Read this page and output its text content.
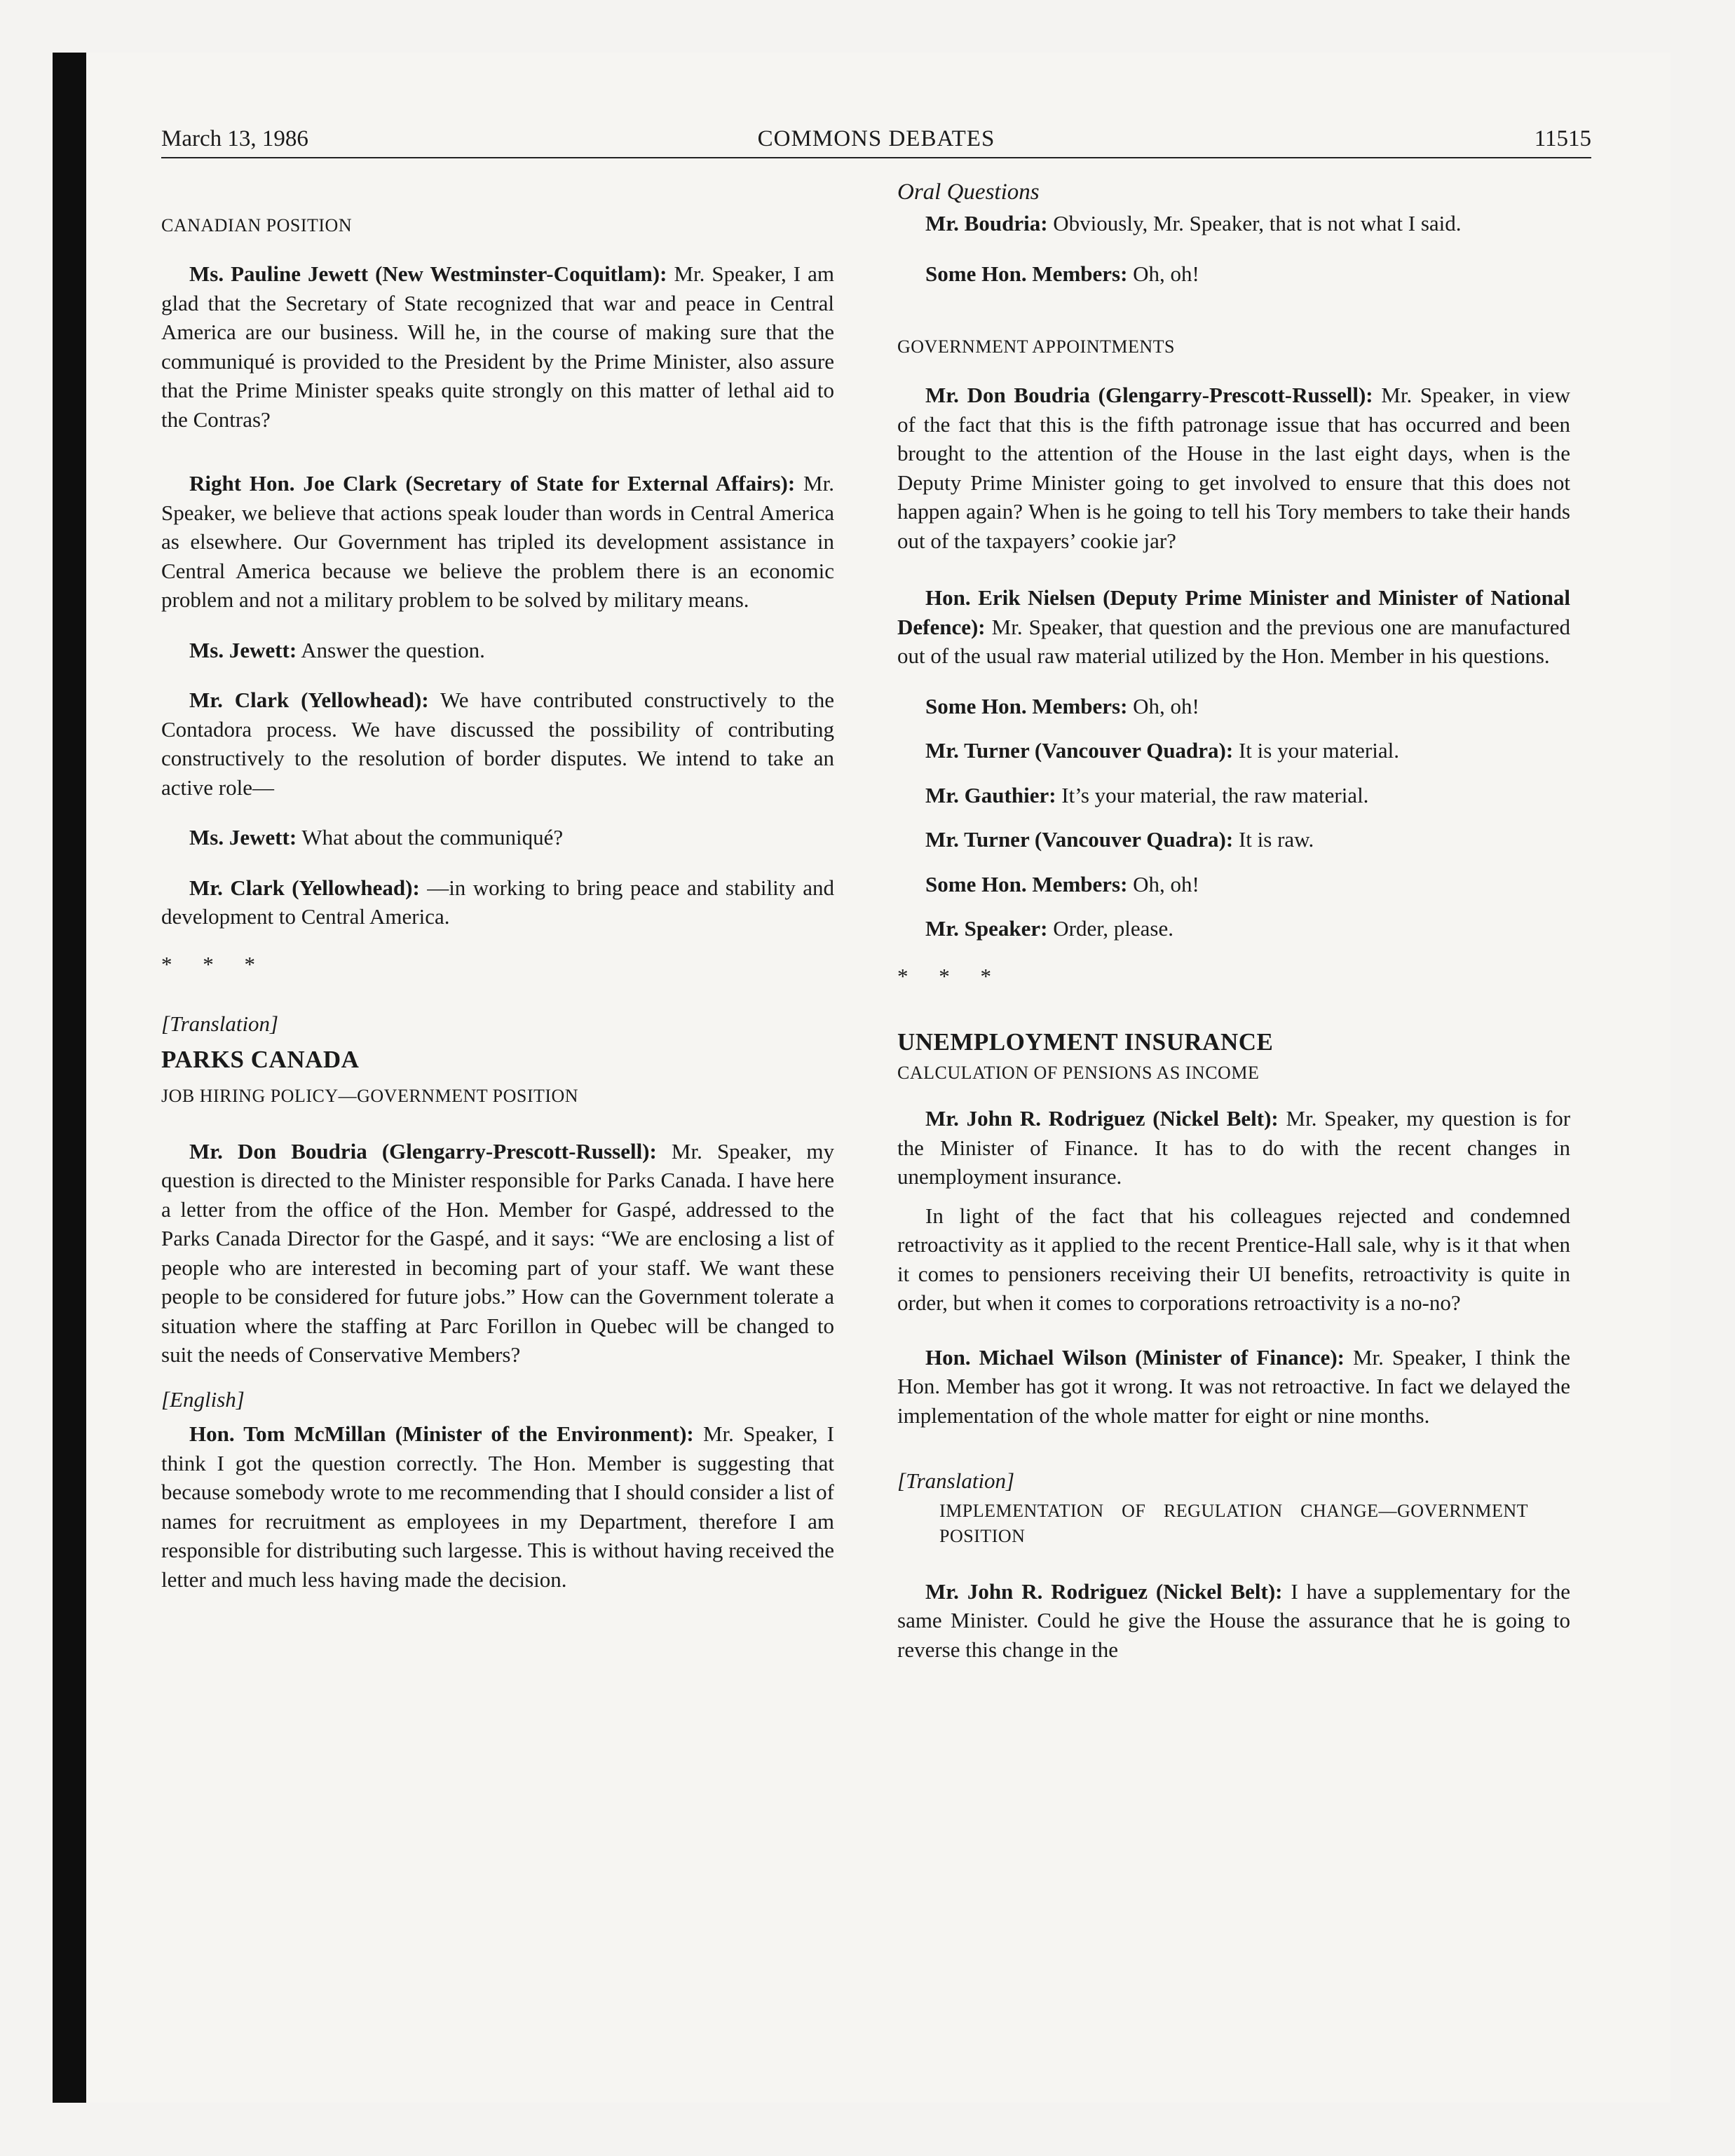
March 13, 1986	COMMONS DEBATES	11515

CANADIAN POSITION

Ms. Pauline Jewett (New Westminster-Coquitlam): Mr. Speaker, I am glad that the Secretary of State recognized that war and peace in Central America are our business. Will he, in the course of making sure that the communiqué is provided to the President by the Prime Minister, also assure that the Prime Minister speaks quite strongly on this matter of lethal aid to the Contras?

Right Hon. Joe Clark (Secretary of State for External Affairs): Mr. Speaker, we believe that actions speak louder than words in Central America as elsewhere. Our Government has tripled its development assistance in Central America because we believe the problem there is an economic problem and not a military problem to be solved by military means.

Ms. Jewett: Answer the question.

Mr. Clark (Yellowhead): We have contributed constructively to the Contadora process. We have discussed the possibility of contributing constructively to the resolution of border disputes. We intend to take an active role—

Ms. Jewett: What about the communiqué?

Mr. Clark (Yellowhead): —in working to bring peace and stability and development to Central America.

* * *

[Translation]

PARKS CANADA

JOB HIRING POLICY—GOVERNMENT POSITION

Mr. Don Boudria (Glengarry-Prescott-Russell): Mr. Speaker, my question is directed to the Minister responsible for Parks Canada. I have here a letter from the office of the Hon. Member for Gaspé, addressed to the Parks Canada Director for the Gaspé, and it says: “We are enclosing a list of people who are interested in becoming part of your staff. We want these people to be considered for future jobs.” How can the Government tolerate a situation where the staffing at Parc Forillon in Quebec will be changed to suit the needs of Conservative Members?

[English]

Hon. Tom McMillan (Minister of the Environment): Mr. Speaker, I think I got the question correctly. The Hon. Member is suggesting that because somebody wrote to me recommending that I should consider a list of names for recruitment as employees in my Department, therefore I am responsible for distributing such largesse. This is without having received the letter and much less having made the decision.

Oral Questions

Mr. Boudria: Obviously, Mr. Speaker, that is not what I said.

Some Hon. Members: Oh, oh!

GOVERNMENT APPOINTMENTS

Mr. Don Boudria (Glengarry-Prescott-Russell): Mr. Speaker, in view of the fact that this is the fifth patronage issue that has occurred and been brought to the attention of the House in the last eight days, when is the Deputy Prime Minister going to get involved to ensure that this does not happen again? When is he going to tell his Tory members to take their hands out of the taxpayers’ cookie jar?

Hon. Erik Nielsen (Deputy Prime Minister and Minister of National Defence): Mr. Speaker, that question and the previous one are manufactured out of the usual raw material utilized by the Hon. Member in his questions.

Some Hon. Members: Oh, oh!

Mr. Turner (Vancouver Quadra): It is your material.

Mr. Gauthier: It’s your material, the raw material.

Mr. Turner (Vancouver Quadra): It is raw.

Some Hon. Members: Oh, oh!

Mr. Speaker: Order, please.

* * *

UNEMPLOYMENT INSURANCE

CALCULATION OF PENSIONS AS INCOME

Mr. John R. Rodriguez (Nickel Belt): Mr. Speaker, my question is for the Minister of Finance. It has to do with the recent changes in unemployment insurance.

In light of the fact that his colleagues rejected and condemned retroactivity as it applied to the recent Prentice-Hall sale, why is it that when it comes to pensioners receiving their UI benefits, retroactivity is quite in order, but when it comes to corporations retroactivity is a no-no?

Hon. Michael Wilson (Minister of Finance): Mr. Speaker, I think the Hon. Member has got it wrong. It was not retroactive. In fact we delayed the implementation of the whole matter for eight or nine months.

[Translation]

IMPLEMENTATION OF REGULATION CHANGE—GOVERNMENT POSITION

Mr. John R. Rodriguez (Nickel Belt): I have a supplementary for the same Minister. Could he give the House the assurance that he is going to reverse this change in the
